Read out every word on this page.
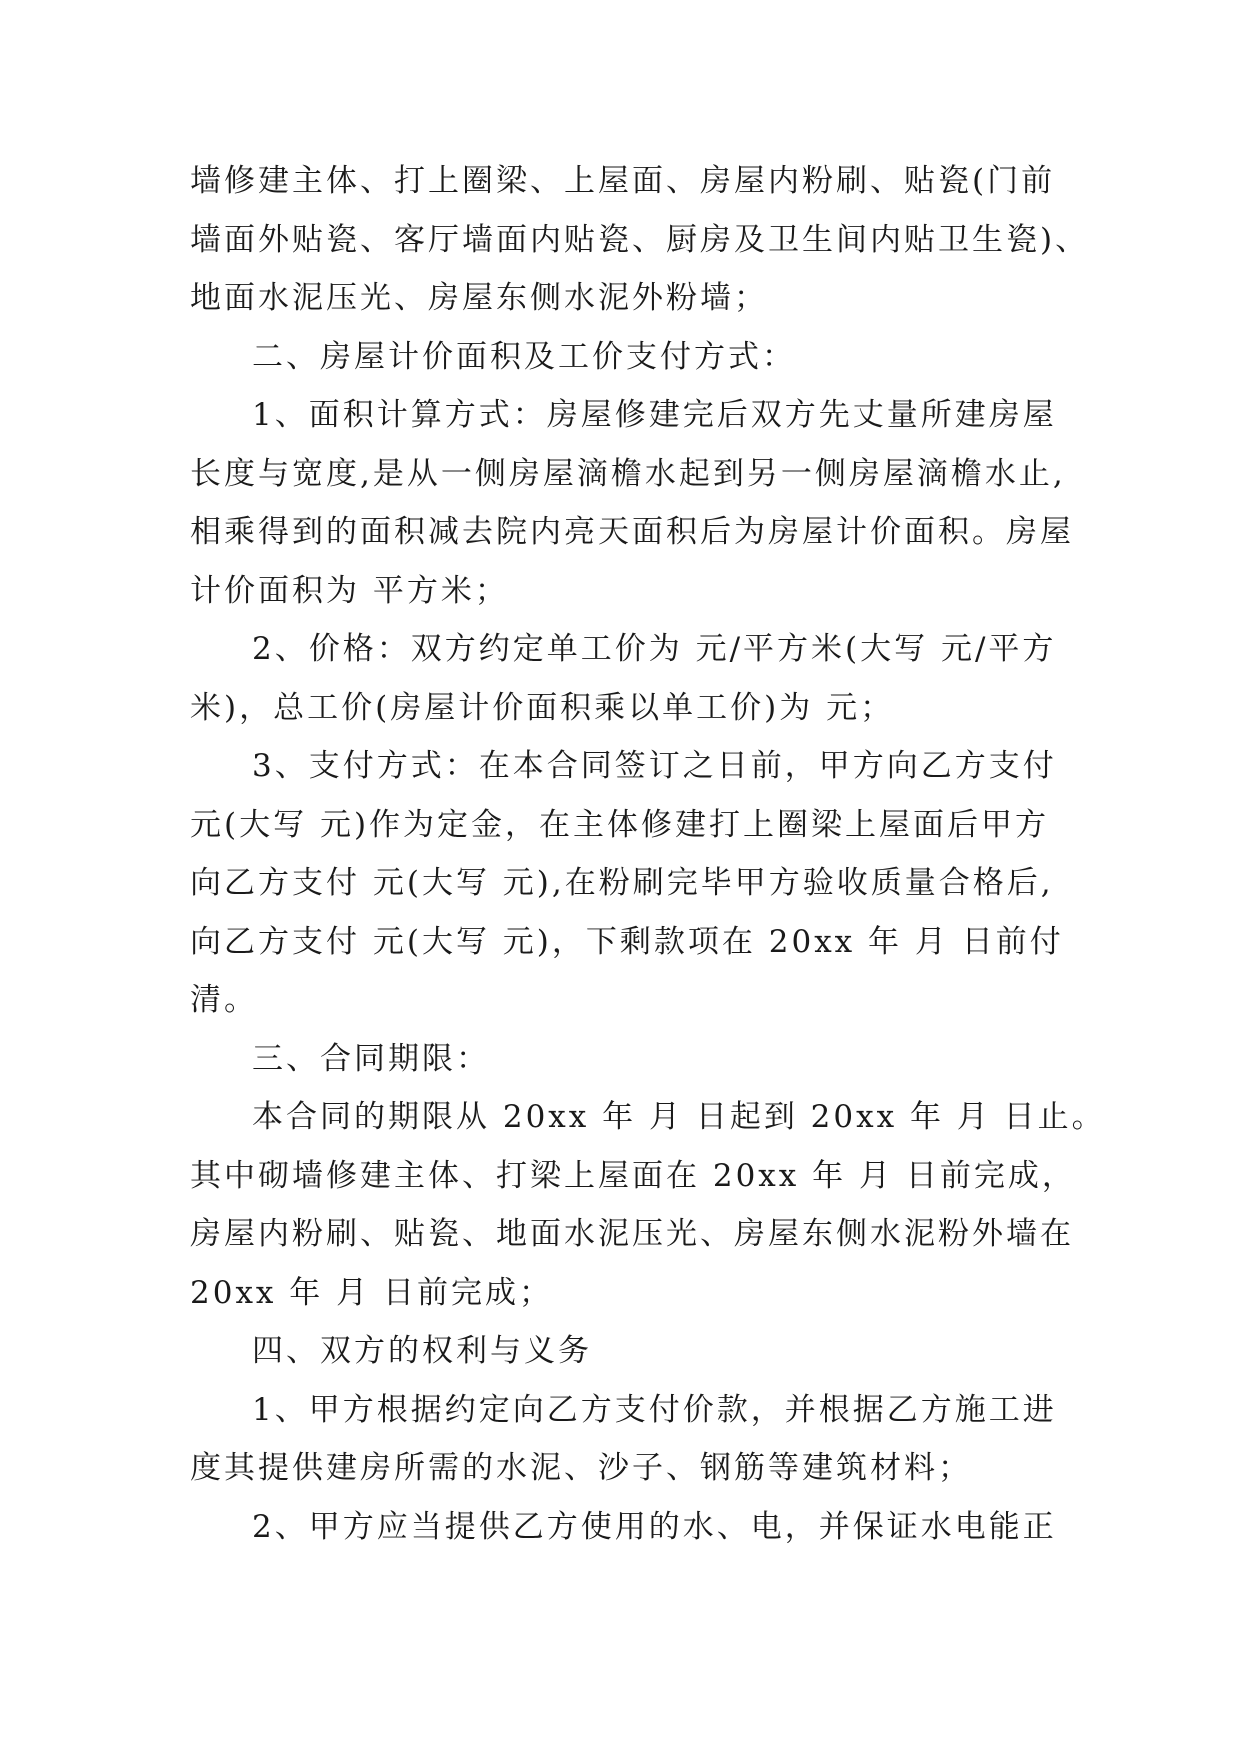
墙修建主体、打上圈梁、上屋面、房屋内粉刷、贴瓷(门前
墙面外贴瓷、客厅墙面内贴瓷、厨房及卫生间内贴卫生瓷)、
地面水泥压光、房屋东侧水泥外粉墙；
二、房屋计价面积及工价支付方式：
1、面积计算方式：房屋修建完后双方先丈量所建房屋
长度与宽度,是从一侧房屋滴檐水起到另一侧房屋滴檐水止,
相乘得到的面积减去院内亮天面积后为房屋计价面积。房屋
计价面积为 平方米；
2、价格：双方约定单工价为 元/平方米(大写 元/平方
米)，总工价(房屋计价面积乘以单工价)为 元；
3、支付方式：在本合同签订之日前，甲方向乙方支付
元(大写 元)作为定金，在主体修建打上圈梁上屋面后甲方
向乙方支付 元(大写 元),在粉刷完毕甲方验收质量合格后,
向乙方支付 元(大写 元)，下剩款项在 20xx 年 月 日前付
清。
三、合同期限：
本合同的期限从 20xx 年 月 日起到 20xx 年 月 日止。
其中砌墙修建主体、打梁上屋面在 20xx 年 月 日前完成，
房屋内粉刷、贴瓷、地面水泥压光、房屋东侧水泥粉外墙在
20xx 年 月 日前完成；
四、双方的权利与义务
1、甲方根据约定向乙方支付价款，并根据乙方施工进
度其提供建房所需的水泥、沙子、钢筋等建筑材料；
2、甲方应当提供乙方使用的水、电，并保证水电能正
